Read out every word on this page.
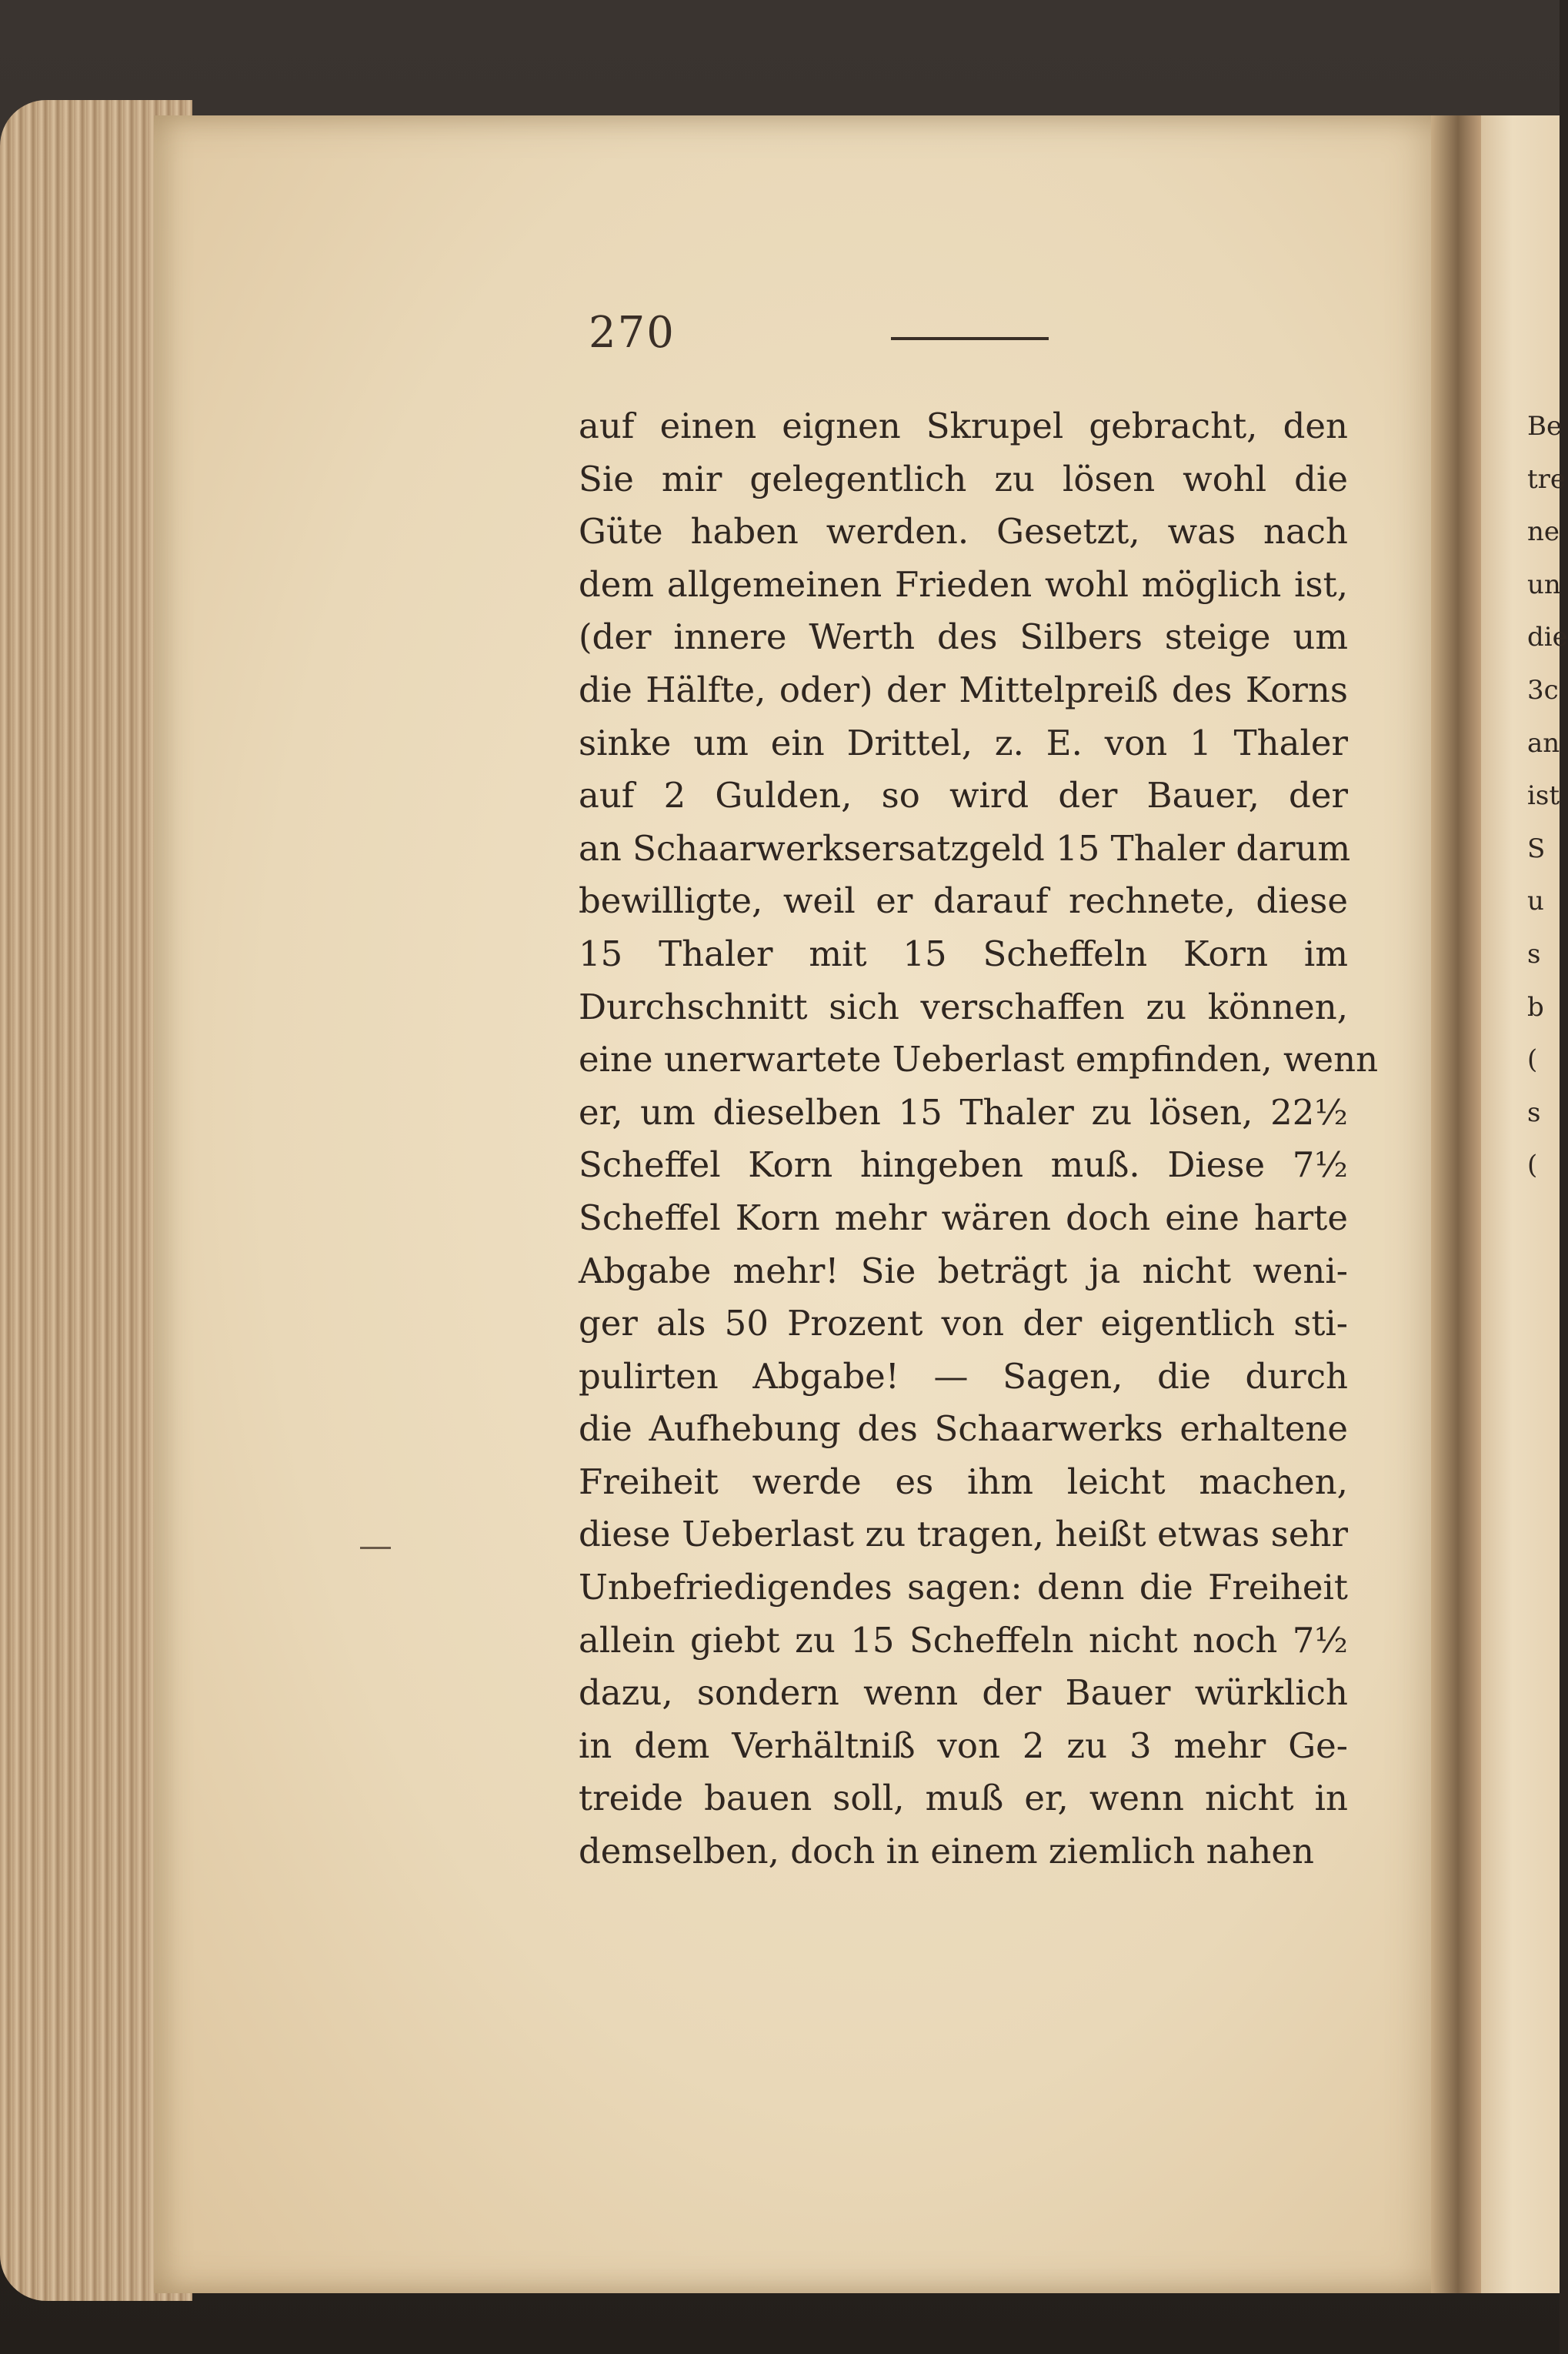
270
auf einen eignen Skrupel gebracht, den
Sie mir gelegentlich zu lösen wohl die
Güte haben werden. Gesetzt, was nach
dem allgemeinen Frieden wohl möglich ist,
(der innere Werth des Silbers steige um
die Hälfte, oder) der Mittelpreiß des Korns
sinke um ein Drittel, z. E. von 1 Thaler
auf 2 Gulden, so wird der Bauer, der
an Schaarwerksersatzgeld 15 Thaler darum
bewilligte, weil er darauf rechnete, diese
15 Thaler mit 15 Scheffeln Korn im
Durchschnitt sich verschaffen zu können,
eine unerwartete Ueberlast empfinden, wenn
er, um dieselben 15 Thaler zu lösen, 22½
Scheffel Korn hingeben muß. Diese 7½
Scheffel Korn mehr wären doch eine harte
Abgabe mehr! Sie beträgt ja nicht weni-
ger als 50 Prozent von der eigentlich sti-
pulirten Abgabe! — Sagen, die durch
die Aufhebung des Schaarwerks erhaltene
Freiheit werde es ihm leicht machen,
diese Ueberlast zu tragen, heißt etwas sehr
Unbefriedigendes sagen: denn die Freiheit
allein giebt zu 15 Scheffeln nicht noch 7½
dazu, sondern wenn der Bauer würklich
in dem Verhältniß von 2 zu 3 mehr Ge-
treide bauen soll, muß er, wenn nicht in
demselben, doch in einem ziemlich nahen
Be
tre
ne
un
die
3c
an
ist
S
u
s
b
(
s
(
